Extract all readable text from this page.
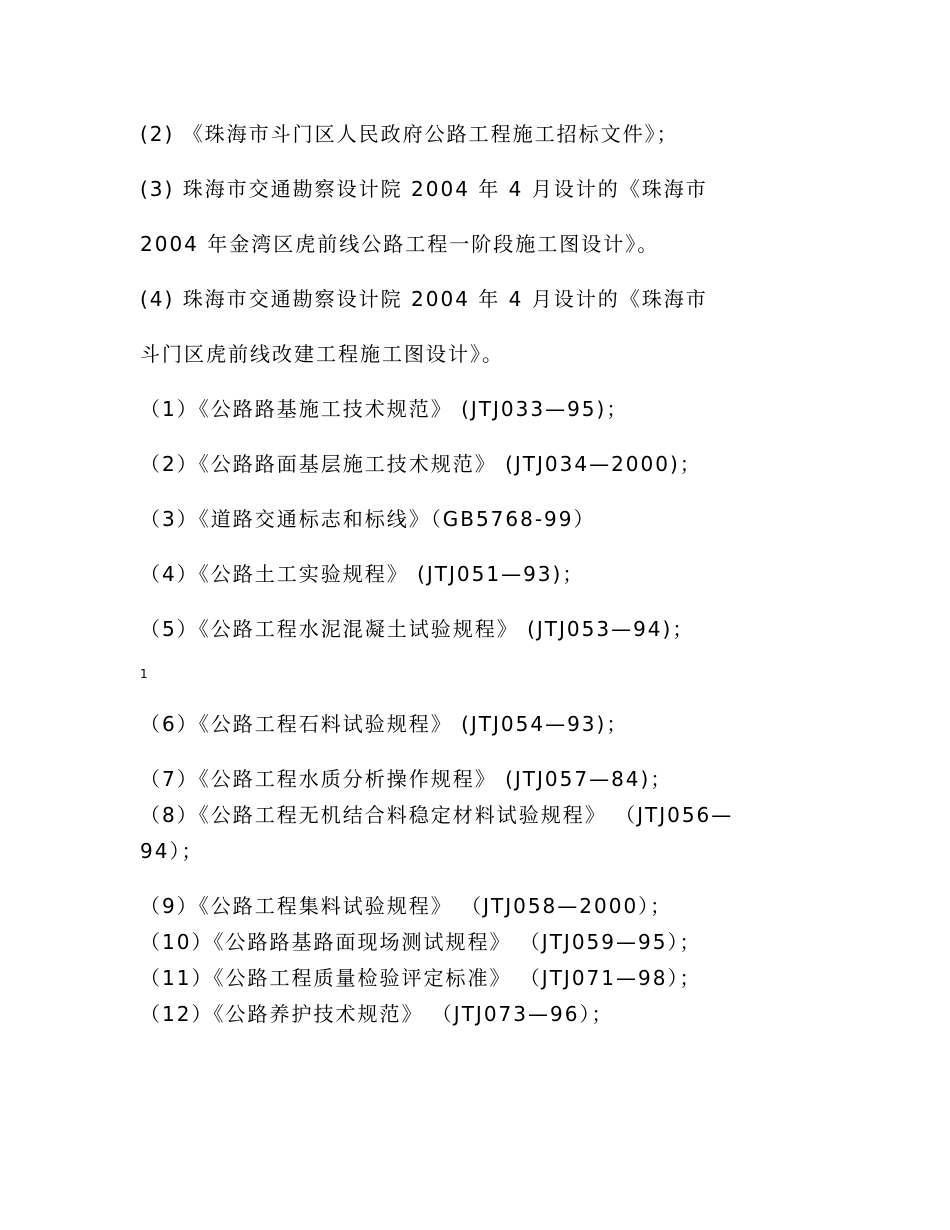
(2) 《珠海市斗门区人民政府公路工程施工招标文件》；
(3) 珠海市交通勘察设计院 2004 年 4 月设计的《珠海市
2004 年金湾区虎前线公路工程一阶段施工图设计》。
(4) 珠海市交通勘察设计院 2004 年 4 月设计的《珠海市
斗门区虎前线改建工程施工图设计》。
（1）《公路路基施工技术规范》 (JTJ033—95)；
（2）《公路路面基层施工技术规范》 (JTJ034—2000)；
（3）《道路交通标志和标线》（GB5768-99）
（4）《公路土工实验规程》 (JTJ051—93)；
（5）《公路工程水泥混凝土试验规程》 (JTJ053—94)；
1
（6）《公路工程石料试验规程》 (JTJ054—93)；
（7）《公路工程水质分析操作规程》 (JTJ057—84)；
（8）《公路工程无机结合料稳定材料试验规程》 （JTJ056—
94）；
（9）《公路工程集料试验规程》 （JTJ058—2000）；
（10）《公路路基路面现场测试规程》 （JTJ059—95）；
（11）《公路工程质量检验评定标准》 （JTJ071—98）；
（12）《公路养护技术规范》 （JTJ073—96）；
